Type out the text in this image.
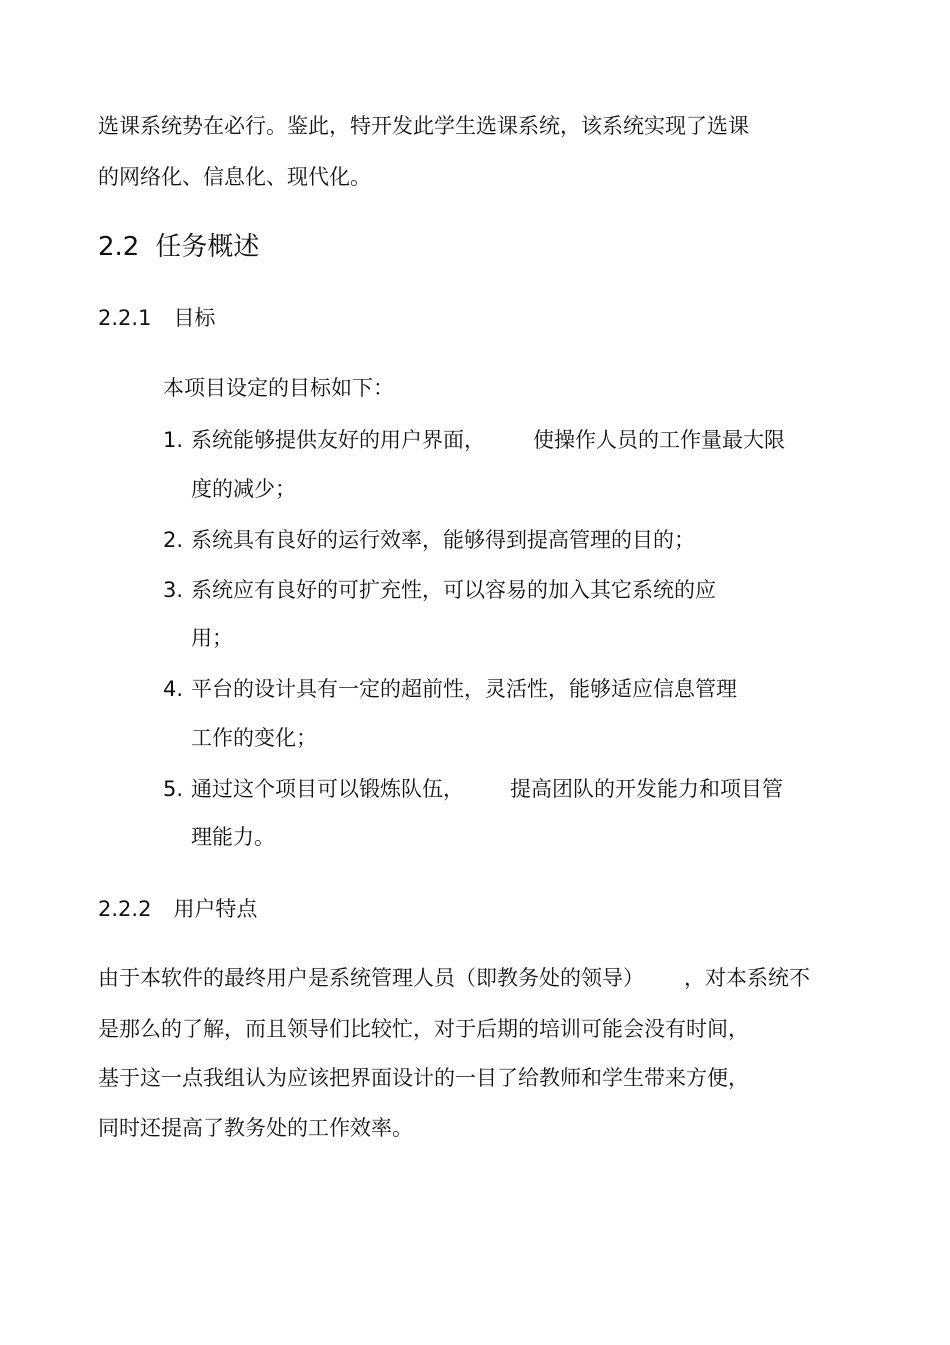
选课系统势在必行。鉴此，特开发此学生选课系统，该系统实现了选课
的网络化、信息化、现代化。
2.2 任务概述
2.2.1 目标
本项目设定的目标如下：
1. 系统能够提供友好的用户界面， 使操作人员的工作量最大限
度的减少；
2. 系统具有良好的运行效率，能够得到提高管理的目的；
3. 系统应有良好的可扩充性，可以容易的加入其它系统的应
用；
4. 平台的设计具有一定的超前性，灵活性，能够适应信息管理
工作的变化；
5. 通过这个项目可以锻炼队伍， 提高团队的开发能力和项目管
理能力。
2.2.2 用户特点
由于本软件的最终用户是系统管理人员（即教务处的领导） ，对本系统不
是那么的了解，而且领导们比较忙，对于后期的培训可能会没有时间，
基于这一点我组认为应该把界面设计的一目了给教师和学生带来方便，
同时还提高了教务处的工作效率。
